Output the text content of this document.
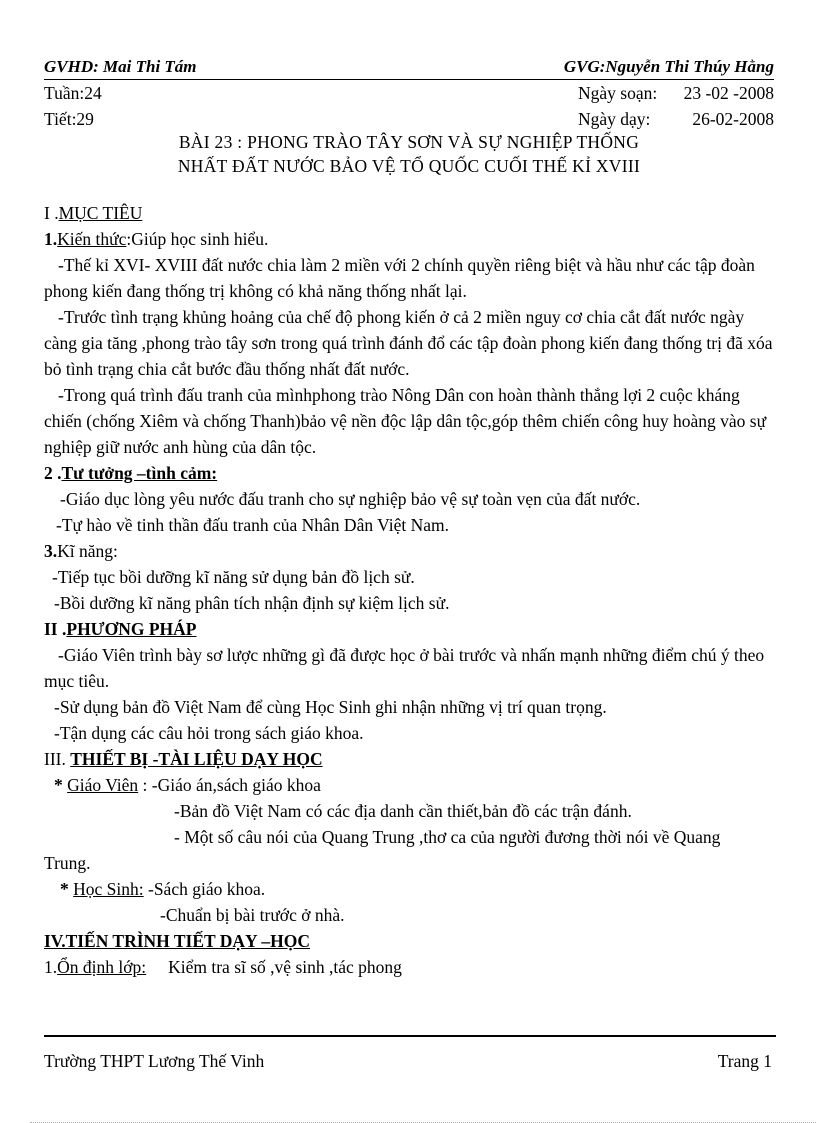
GVHD: Mai Thi Tám	GVG:Nguyễn Thi Thúy Hằng
Tuần:24	Ngày soạn: 23 -02 -2008
Tiết:29	Ngày dạy: 26-02-2008
BÀI 23 : PHONG TRÀO TÂY SƠN VÀ SỰ NGHIỆP THỐNG
NHẤT ĐẤT NƯỚC BẢO VỆ TỔ QUỐC CUỐI THẾ KỈ XVIII

I .MỤC TIÊU

1.Kiến thức:Giúp học sinh hiểu.

-Thế kỉ XVI- XVIII đất nước chia làm 2 miền với 2 chính quyền riêng biệt và hầu như các tập đoàn phong kiến đang thống trị không có khả năng thống nhất lại.

-Trước tình trạng khủng hoảng của chế độ phong kiến ở cả 2 miền nguy cơ chia cắt đất nước ngày càng gia tăng ,phong trào tây sơn trong quá trình đánh đổ các tập đoàn phong kiến đang thống trị đã xóa bỏ tình trạng chia cắt bước đầu thống nhất đất nước.

-Trong quá trình đấu tranh của mìnhphong trào Nông Dân con hoàn thành thắng lợi 2 cuộc kháng chiến (chống Xiêm và chống Thanh)bảo vệ nền độc lập dân tộc,góp thêm chiến công huy hoàng vào sự nghiệp giữ nước anh hùng của dân tộc.

2 .Tư tưởng –tình cảm:

-Giáo dục lòng yêu nước đấu tranh cho sự nghiệp bảo vệ sự toàn vẹn của đất nước.

-Tự hào về tinh thần đấu tranh của Nhân Dân Việt Nam.

3.Kĩ năng:

-Tiếp tục bồi dưỡng kĩ năng sử dụng bản đồ lịch sử.

-Bồi dưỡng kĩ năng phân tích nhận định sự kiệm lịch sử.

II .PHƯƠNG PHÁP

-Giáo Viên trình bày sơ lược những gì đã được học ở bài trước và nhấn mạnh những điểm chú ý theo mục tiêu.

-Sử dụng bản đồ Việt Nam để cùng Học Sinh ghi nhận những vị trí quan trọng.

-Tận dụng các câu hỏi trong sách giáo khoa.

III. THIẾT BỊ -TÀI LIỆU DẠY HỌC

* Giáo Viên : -Giáo án,sách giáo khoa

-Bản đồ Việt Nam có các địa danh cần thiết,bản đồ các trận đánh.

- Một số câu nói của Quang Trung ,thơ ca của người đương thời nói về Quang

Trung.

* Học Sinh: -Sách giáo khoa.

-Chuẩn bị bài trước ở nhà.

IV.TIẾN TRÌNH TIẾT DẠY –HỌC

1.Ổn định lớp: Kiểm tra sĩ số ,vệ sinh ,tác phong

Trường THPT Lương Thế Vinh	Trang 1
